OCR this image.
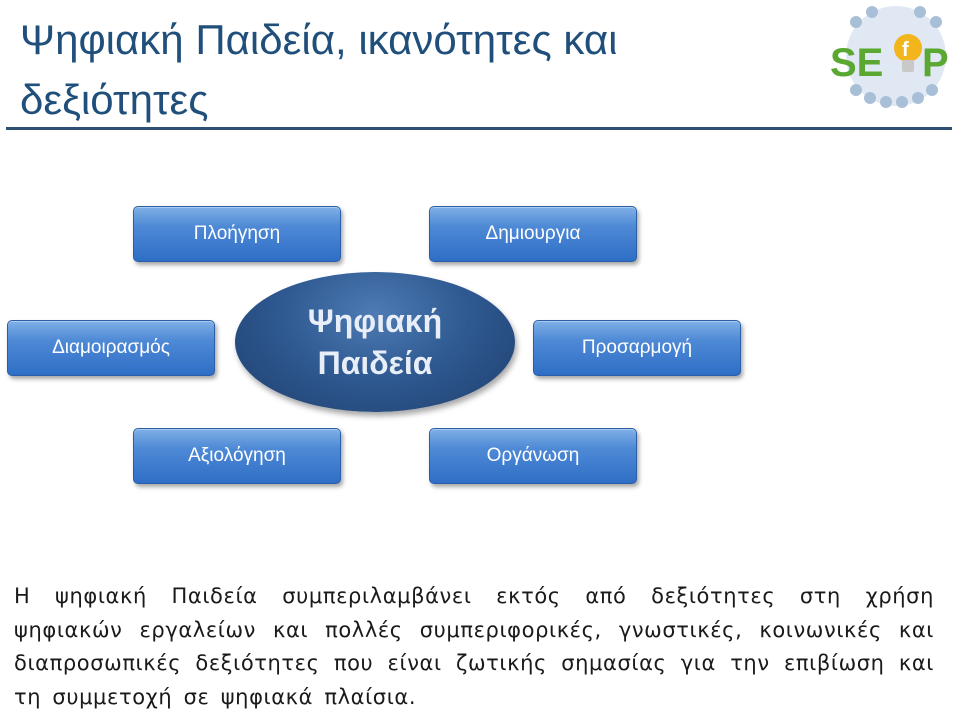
Ψηφιακή Παιδεία, ικανότητες και δεξιότητες
SE f P
Πλοήγηση	Δημιουργια
Διαμοιρασμός	Προσαρμογή
Αξιολόγηση	Οργάνωση
Ψηφιακή
Παιδεία
Η ψηφιακή Παιδεία συμπεριλαμβάνει εκτός από δεξιότητες στη χρήση ψηφιακών εργαλείων και πολλές συμπεριφορικές, γνωστικές, κοινωνικές και διαπροσωπικές δεξιότητες που είναι ζωτικής σημασίας για την επιβίωση και τη συμμετοχή σε ψηφιακά πλαίσια.
